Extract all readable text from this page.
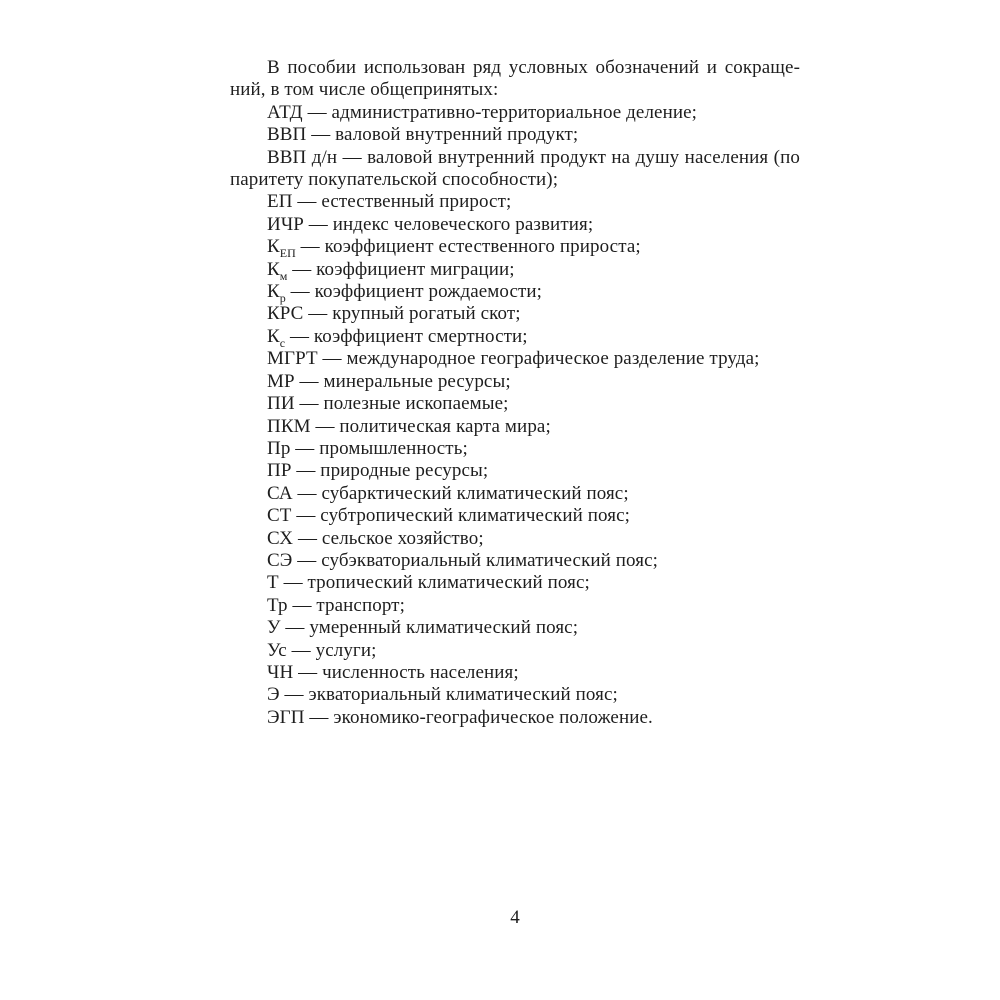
В пособии использован ряд условных обозначений и сокраще-
ний, в том числе общепринятых:

АТД — административно-территориальное деление;

ВВП — валовой внутренний продукт;

ВВП д/н — валовой внутренний продукт на душу населения (по паритету покупательской способности);

ЕП — естественный прирост;

ИЧР — индекс человеческого развития;

$К_{ЕП}$ — коэффициент естественного прироста;

$К_м$ — коэффициент миграции;

$К_р$ — коэффициент рождаемости;

КРС — крупный рогатый скот;

$К_с$ — коэффициент смертности;

МГРТ — международное географическое разделение труда;

МР — минеральные ресурсы;

ПИ — полезные ископаемые;

ПКМ — политическая карта мира;

Пр — промышленность;

ПР — природные ресурсы;

СА — субарктический климатический пояс;

СТ — субтропический климатический пояс;

СХ — сельское хозяйство;

СЭ — субэкваториальный климатический пояс;

Т — тропический климатический пояс;

Тр — транспорт;

У — умеренный климатический пояс;

Ус — услуги;

ЧН — численность населения;

Э — экваториальный климатический пояс;

ЭГП — экономико-географическое положение.

4
